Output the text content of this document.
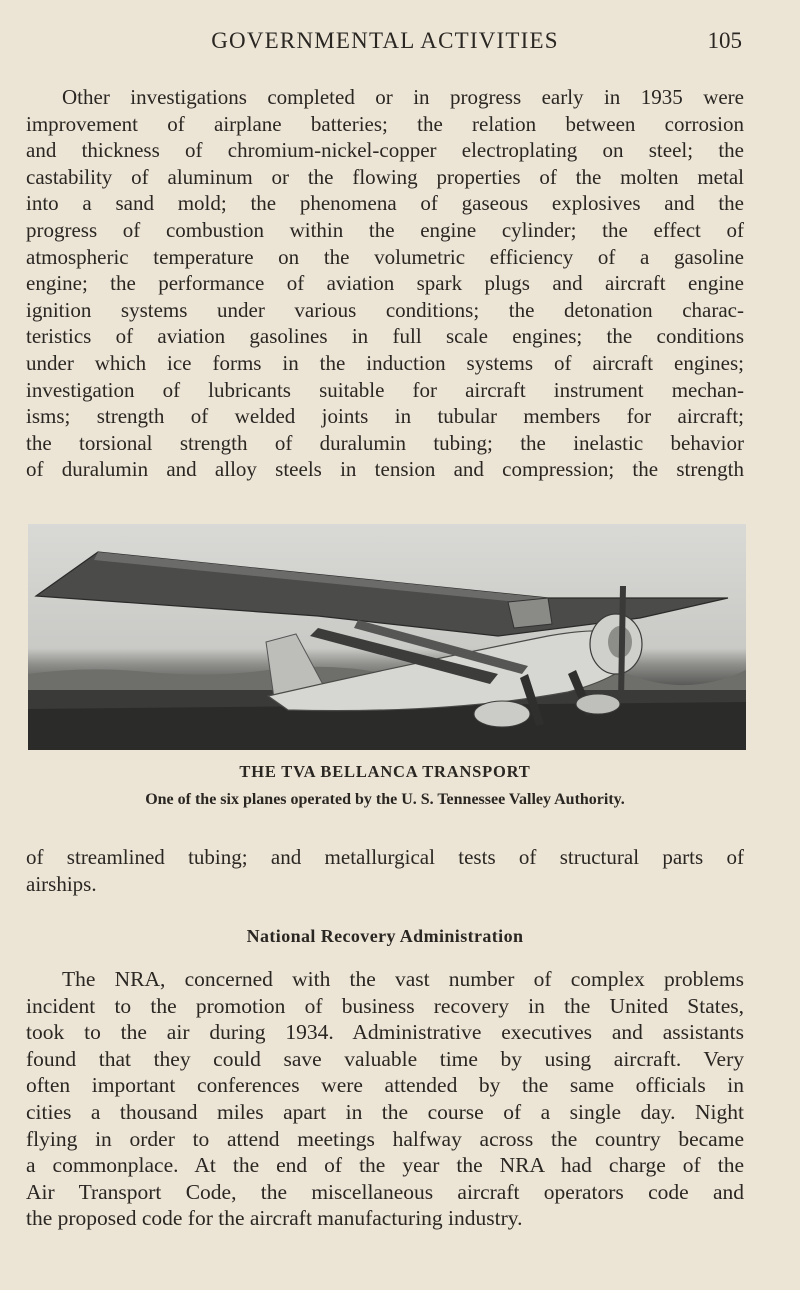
GOVERNMENTAL ACTIVITIES	105
Other investigations completed or in progress early in 1935 were
improvement of airplane batteries; the relation between corrosion
and thickness of chromium-nickel-copper electroplating on steel; the
castability of aluminum or the flowing properties of the molten metal
into a sand mold; the phenomena of gaseous explosives and the
progress of combustion within the engine cylinder; the effect of
atmospheric temperature on the volumetric efficiency of a gasoline
engine; the performance of aviation spark plugs and aircraft engine
ignition systems under various conditions; the detonation charac-
teristics of aviation gasolines in full scale engines; the conditions
under which ice forms in the induction systems of aircraft engines;
investigation of lubricants suitable for aircraft instrument mechan-
isms; strength of welded joints in tubular members for aircraft;
the torsional strength of duralumin tubing; the inelastic behavior
of duralumin and alloy steels in tension and compression; the strength
THE TVA BELLANCA TRANSPORT
One of the six planes operated by the U. S. Tennessee Valley Authority.
of streamlined tubing; and metallurgical tests of structural parts of
airships.
National Recovery Administration
The NRA, concerned with the vast number of complex problems
incident to the promotion of business recovery in the United States,
took to the air during 1934. Administrative executives and assistants
found that they could save valuable time by using aircraft. Very
often important conferences were attended by the same officials in
cities a thousand miles apart in the course of a single day. Night
flying in order to attend meetings halfway across the country became
a commonplace. At the end of the year the NRA had charge of the
Air Transport Code, the miscellaneous aircraft operators code and
the proposed code for the aircraft manufacturing industry.
